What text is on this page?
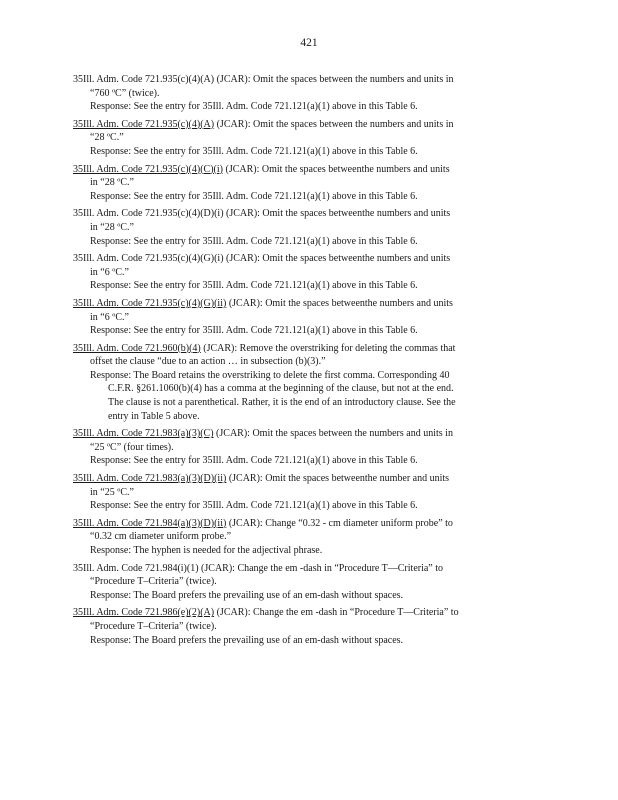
421
35Ill. Adm. Code 721.935(c)(4)(A) (JCAR): Omit the spaces between the numbers and units in
“760 ºC” (twice).
Response: See the entry for 35Ill. Adm. Code 721.121(a)(1) above in this Table 6.
35Ill. Adm. Code 721.935(c)(4)(A) (JCAR): Omit the spaces between the numbers and units in
“28 ºC.”
Response: See the entry for 35Ill. Adm. Code 721.121(a)(1) above in this Table 6.
35Ill. Adm. Code 721.935(c)(4)(C)(i) (JCAR): Omit the spaces betweenthe numbers and units
in “28 ºC.”
Response: See the entry for 35Ill. Adm. Code 721.121(a)(1) above in this Table 6.
35Ill. Adm. Code 721.935(c)(4)(D)(i) (JCAR): Omit the spaces betweenthe numbers and units
in “28 ºC.”
Response: See the entry for 35Ill. Adm. Code 721.121(a)(1) above in this Table 6.
35Ill. Adm. Code 721.935(c)(4)(G)(i) (JCAR): Omit the spaces betweenthe numbers and units
in “6 ºC.”
Response: See the entry for 35Ill. Adm. Code 721.121(a)(1) above in this Table 6.
35Ill. Adm. Code 721.935(c)(4)(G)(ii) (JCAR): Omit the spaces betweenthe numbers and units
in “6 ºC.”
Response: See the entry for 35Ill. Adm. Code 721.121(a)(1) above in this Table 6.
35Ill. Adm. Code 721.960(b)(4) (JCAR): Remove the overstriking for deleting the commas that
offset the clause “due to an action … in subsection (b)(3).”
Response: The Board retains the overstriking to delete the first comma. Corresponding 40
C.F.R. §261.1060(b)(4) has a comma at the beginning of the clause, but not at the end.
The clause is not a parenthetical. Rather, it is the end of an introductory clause. See the
entry in Table 5 above.
35Ill. Adm. Code 721.983(a)(3)(C) (JCAR): Omit the spaces between the numbers and units in
“25 ºC” (four times).
Response: See the entry for 35Ill. Adm. Code 721.121(a)(1) above in this Table 6.
35Ill. Adm. Code 721.983(a)(3)(D)(ii) (JCAR): Omit the spaces betweenthe number and units
in “25 ºC.”
Response: See the entry for 35Ill. Adm. Code 721.121(a)(1) above in this Table 6.
35Ill. Adm. Code 721.984(a)(3)(D)(ii) (JCAR): Change “0.32 - cm diameter uniform probe” to
“0.32 cm diameter uniform probe.”
Response: The hyphen is needed for the adjectival phrase.
35Ill. Adm. Code 721.984(i)(1) (JCAR): Change the em -dash in “Procedure T—Criteria” to
“Procedure T–Criteria” (twice).
Response: The Board prefers the prevailing use of an em-dash without spaces.
35Ill. Adm. Code 721.986(e)(2)(A) (JCAR): Change the em -dash in “Procedure T—Criteria” to
“Procedure T–Criteria” (twice).
Response: The Board prefers the prevailing use of an em-dash without spaces.
